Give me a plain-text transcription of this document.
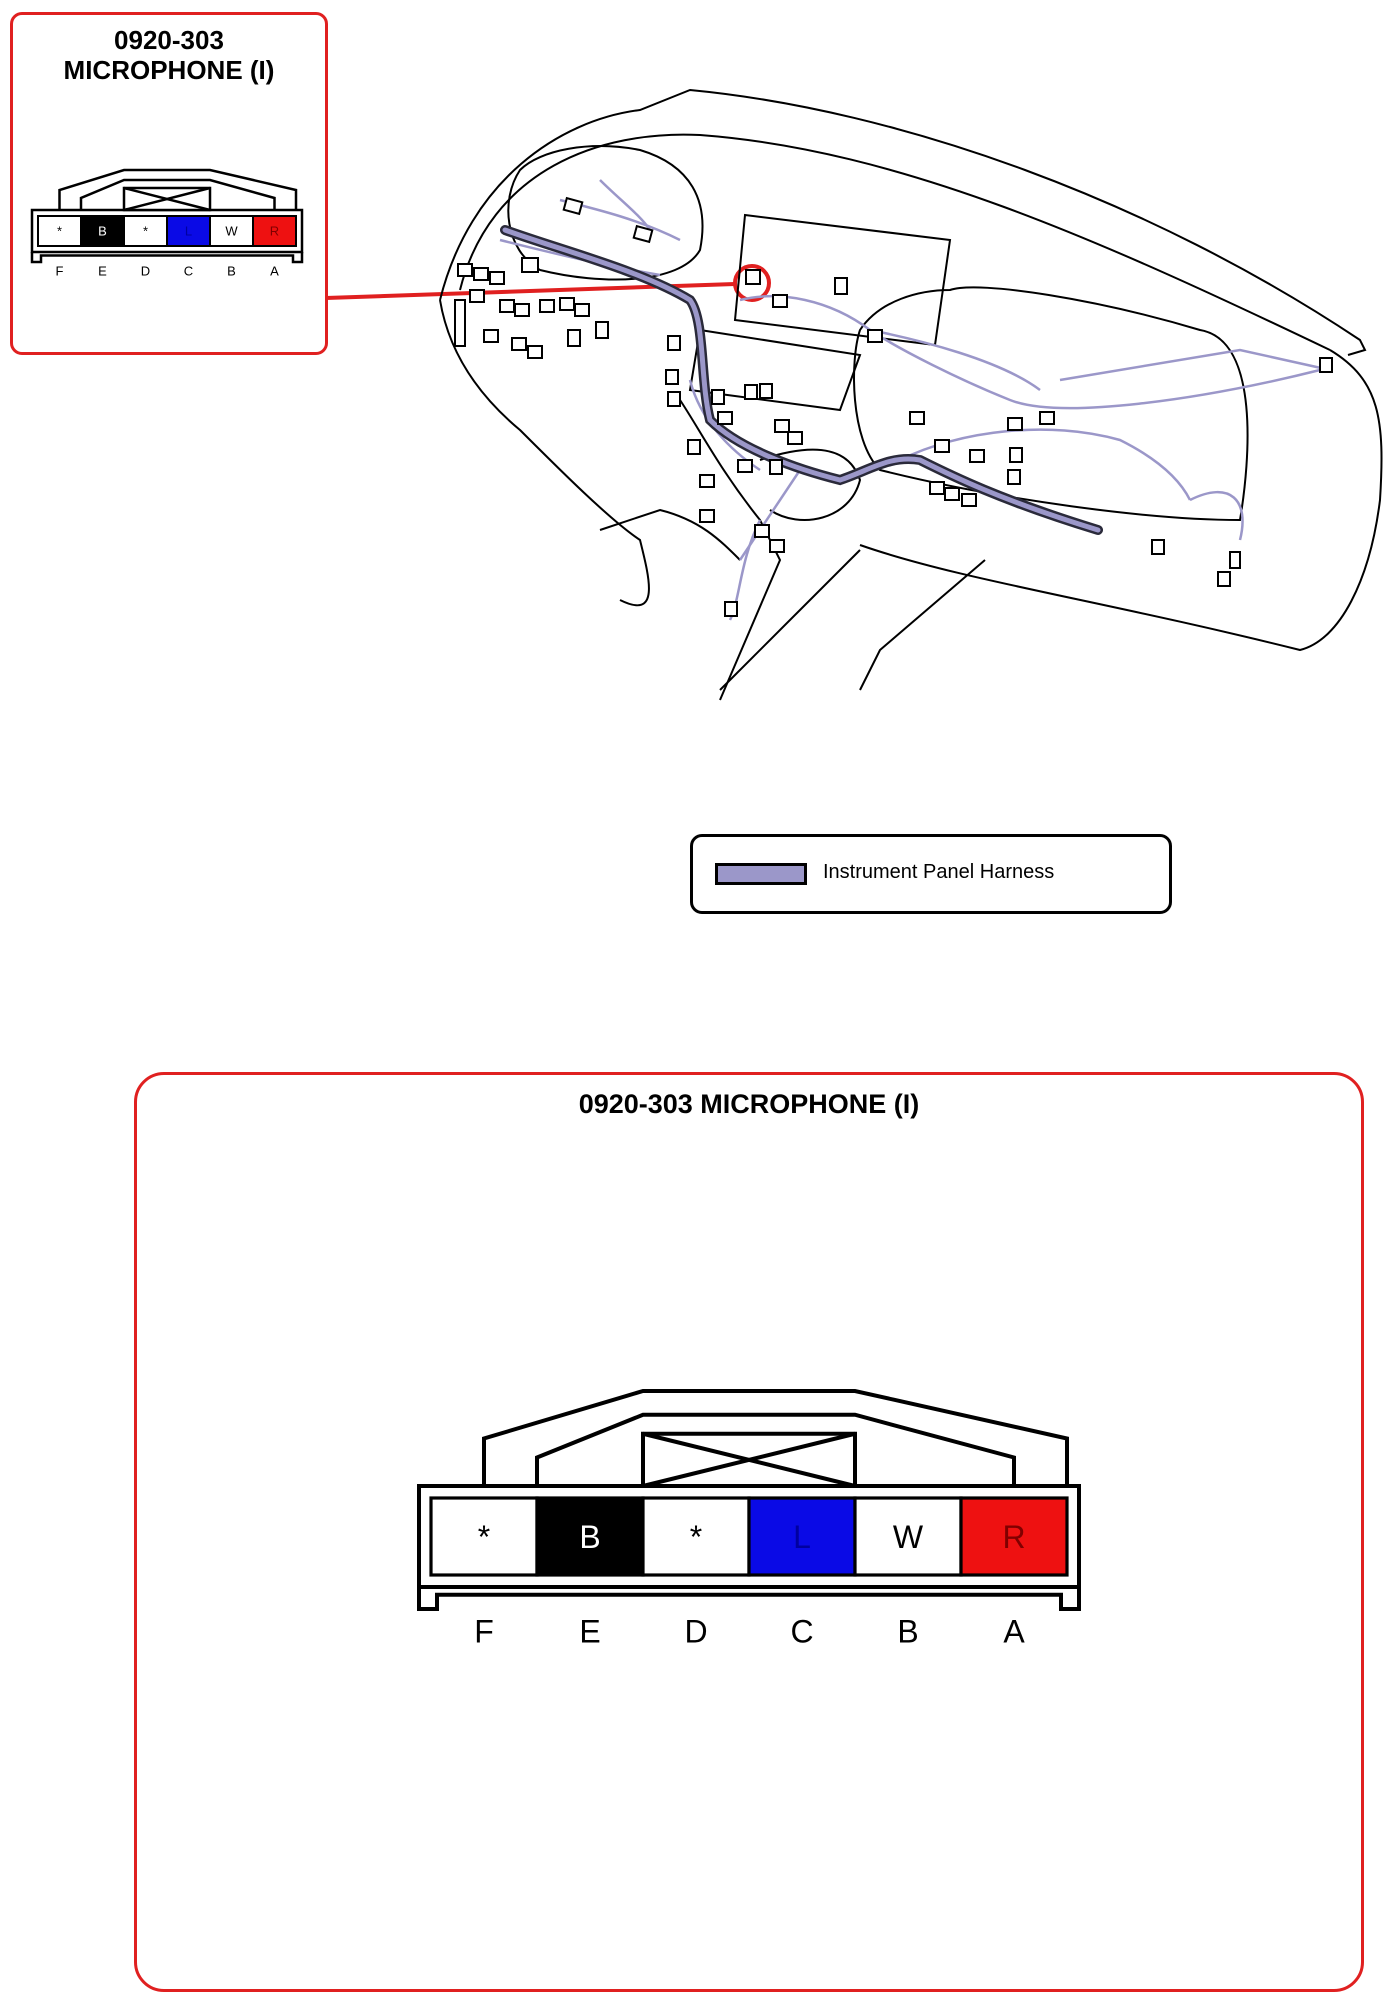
0920-303
MICROPHONE (I)
*
F
B
E
*
D
L
C
W
B
R
A
Instrument Panel Harness
0920-303 MICROPHONE (I)
*
F
B
E
*
D
L
C
W
B
R
A
